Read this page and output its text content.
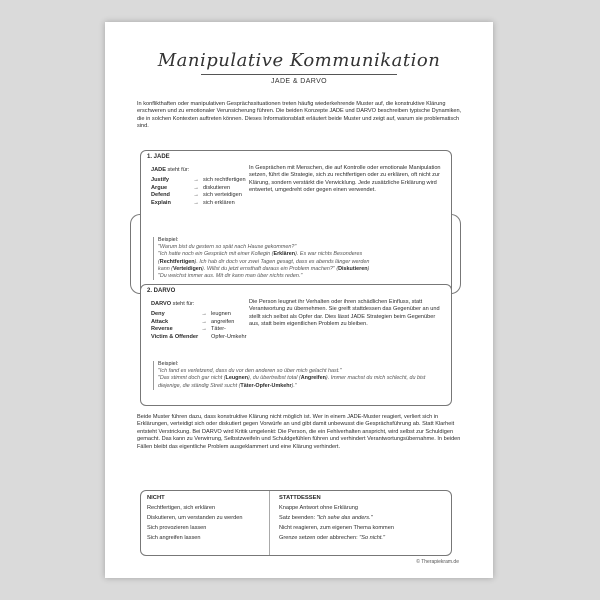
Manipulative Kommunikation
JADE & DARVO

In konflikthaften oder manipulativen Gesprächssituationen treten häufig wiederkehrende Muster auf, die konstruktive Klärung erschweren und zu emotionaler Verunsicherung führen. Die beiden Konzepte JADE und DARVO beschreiben typische Dynamiken, die in solchen Kontexten auftreten können. Dieses Informationsblatt erläutert beide Muster und zeigt auf, warum sie problematisch sind.

1. JADE

JADE steht für:

Justify	→ sich rechtfertigen
Argue	→ diskutieren
Defend	→ sich verteidigen
Explain	→ sich erklären

In Gesprächen mit Menschen, die auf Kontrolle oder emotionale Manipulation setzen, führt die Strategie, sich zu rechtfertigen oder zu erklären, oft nicht zur Klärung, sondern verstärkt die Verwicklung. Jede zusätzliche Erklärung wird entwertet, umgedreht oder gegen einen verwendet.

Beispiel:

"Warum bist du gestern so spät nach Hause gekommen?"

"Ich hatte noch ein Gespräch mit einer Kollegin (Erklären). Es war nichts Besonderes

(Rechtfertigen). Ich hab dir doch vor zwei Tagen gesagt, dass es abends länger werden

kann (Verteidigen). Willst du jetzt ernsthaft daraus ein Problem machen?" (Diskutieren)

"Du weichst immer aus. Mit dir kann man über nichts reden."

2. DARVO

DARVO steht für:

Deny	→ leugnen
Attack	→ angreifen
Reverse	→ Täter-
Victim & Offender Opfer-Umkehr

Die Person leugnet ihr Verhalten oder ihren schädlichen Einfluss, statt Verantwortung zu übernehmen. Sie greift stattdessen das Gegenüber an und stellt sich selbst als Opfer dar. Dies lässt JADE Strategien beim Gegenüber aus, statt beim eigentlichen Problem zu bleiben.

Beispiel:

"Ich fand es verletzend, dass du vor den anderen so über mich gelacht hast."

"Das stimmt doch gar nicht (Leugnen), du übertreibst total (Angreifen). Immer machst du mich schlecht, du bist diejenige, die ständig Streit sucht (Täter-Opfer-Umkehr)."

Beide Muster führen dazu, dass konstruktive Klärung nicht möglich ist. Wer in einem JADE-Muster reagiert, verliert sich in Erklärungen, verteidigt sich oder diskutiert gegen Vorwürfe an und gibt damit unbewusst die Gesprächsführung ab. Statt Klarheit entsteht Verstrickung. Bei DARVO wird Kritik umgelenkt: Die Person, die ein Fehlverhalten anspricht, wird selbst zur Schuldigen gemacht. Das kann zu Verwirrung, Selbstzweifeln und Schuldgefühlen führen und verhindert Verantwortungsübernahme. In beiden Fällen bleibt das eigentliche Problem ausgeklammert und eine Klärung verhindert.

NICHT

Rechtfertigen, sich erklären
Diskutieren, um verstanden zu werden
Sich provozieren lassen
Sich angreifen lassen

STATTDESSEN

Knappe Antwort ohne Erklärung
Satz beenden: "Ich sehe das anders."
Nicht reagieren, zum eigenen Thema kommen
Grenze setzen oder abbrechen: "So nicht."
© Therapiekram.de
